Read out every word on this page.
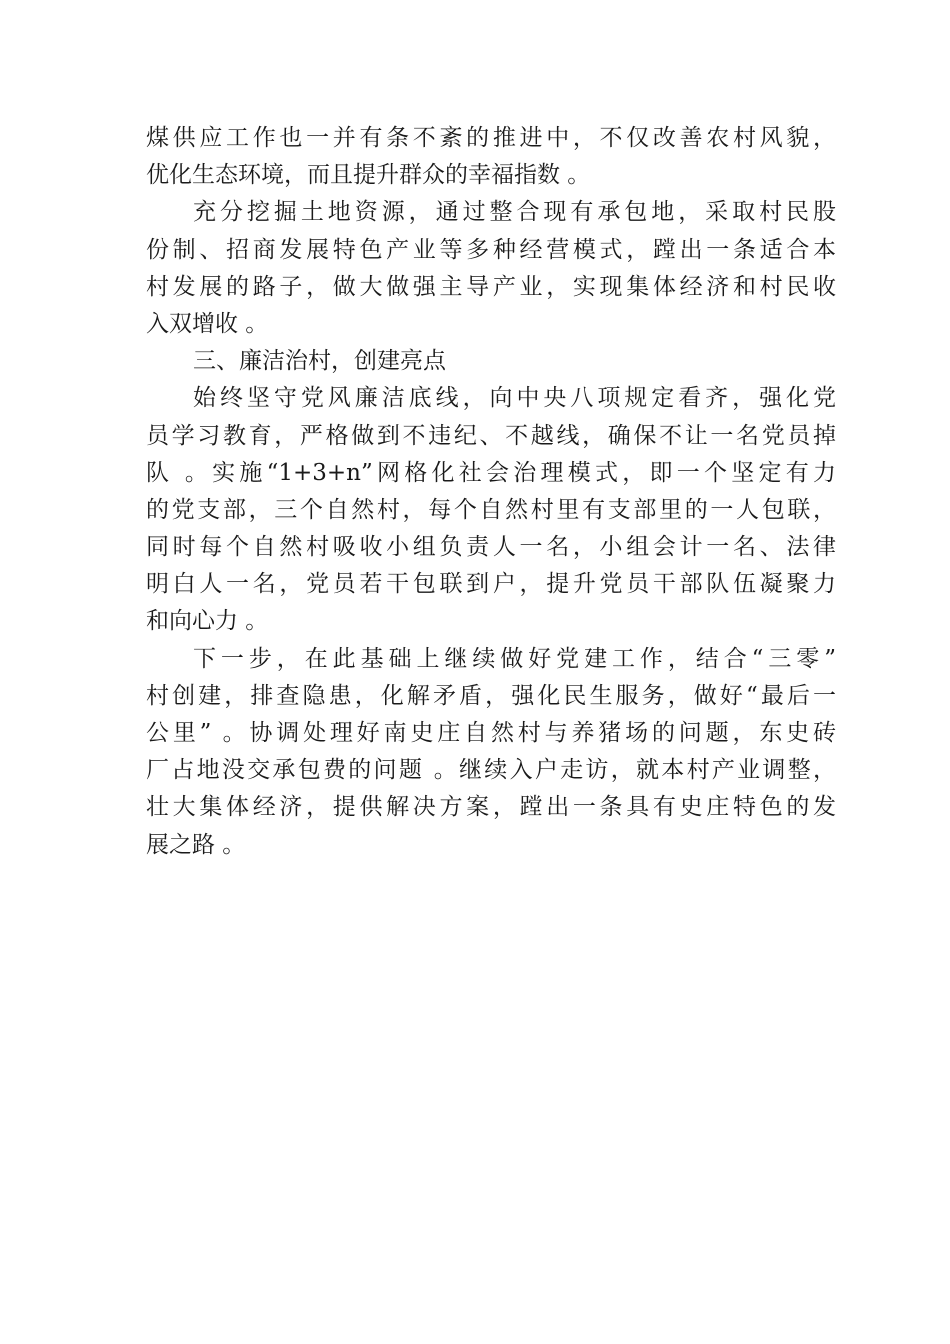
煤供应工作也一并有条不紊的推进中，不仅改善农村风貌，
优化生态环境，而且提升群众的幸福指数 。
充分挖掘土地资源，通过整合现有承包地，采取村民股
份制、招商发展特色产业等多种经营模式，蹚出一条适合本
村发展的路子，做大做强主导产业，实现集体经济和村民收
入双增收 。
三、廉洁治村，创建亮点
始终坚守党风廉洁底线，向中央八项规定看齐，强化党
员学习教育，严格做到不违纪、不越线，确保不让一名党员掉
队 。实施“1+3+n”网格化社会治理模式，即一个坚定有力
的党支部，三个自然村，每个自然村里有支部里的一人包联，
同时每个自然村吸收小组负责人一名，小组会计一名、法律
明白人一名，党员若干包联到户，提升党员干部队伍凝聚力
和向心力 。
下一步，在此基础上继续做好党建工作，结合“三零”
村创建，排查隐患，化解矛盾，强化民生服务，做好“最后一
公里” 。协调处理好南史庄自然村与养猪场的问题，东史砖
厂占地没交承包费的问题 。继续入户走访，就本村产业调整，
壮大集体经济，提供解决方案，蹚出一条具有史庄特色的发
展之路 。
